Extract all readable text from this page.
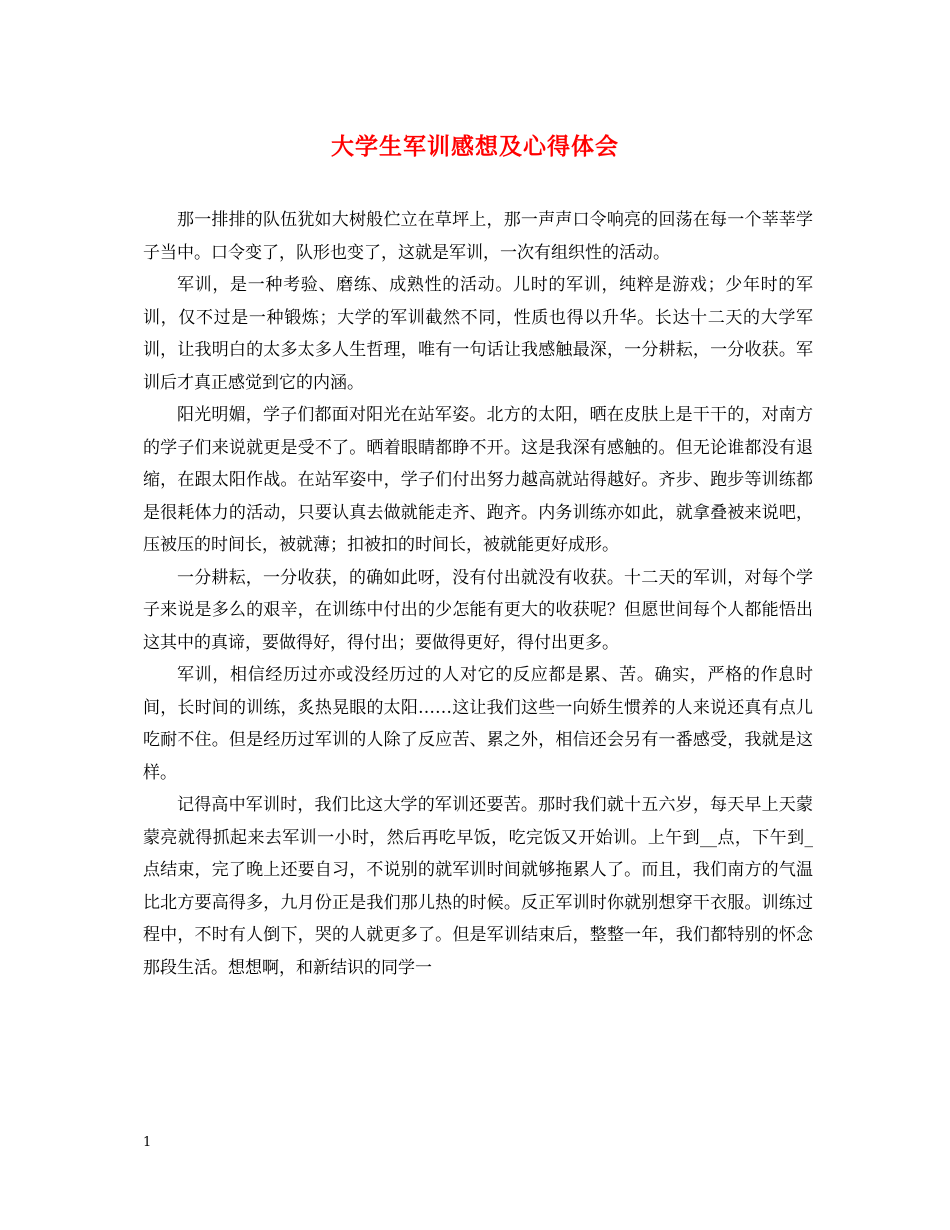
大学生军训感想及心得体会

那一排排的队伍犹如大树般伫立在草坪上，那一声声口令响亮的回荡在每一个莘莘学子当中。口令变了，队形也变了，这就是军训，一次有组织性的活动。

军训，是一种考验、磨练、成熟性的活动。儿时的军训，纯粹是游戏；少年时的军训，仅不过是一种锻炼；大学的军训截然不同，性质也得以升华。长达十二天的大学军训，让我明白的太多太多人生哲理，唯有一句话让我感触最深，一分耕耘，一分收获。军训后才真正感觉到它的内涵。

阳光明媚，学子们都面对阳光在站军姿。北方的太阳，晒在皮肤上是干干的，对南方的学子们来说就更是受不了。晒着眼睛都睁不开。这是我深有感触的。但无论谁都没有退缩，在跟太阳作战。在站军姿中，学子们付出努力越高就站得越好。齐步、跑步等训练都是很耗体力的活动，只要认真去做就能走齐、跑齐。内务训练亦如此，就拿叠被来说吧，压被压的时间长，被就薄；扣被扣的时间长，被就能更好成形。

一分耕耘，一分收获，的确如此呀，没有付出就没有收获。十二天的军训，对每个学子来说是多么的艰辛，在训练中付出的少怎能有更大的收获呢？但愿世间每个人都能悟出这其中的真谛，要做得好，得付出；要做得更好，得付出更多。

军训，相信经历过亦或没经历过的人对它的反应都是累、苦。确实，严格的作息时间，长时间的训练，炙热晃眼的太阳……这让我们这些一向娇生惯养的人来说还真有点儿吃耐不住。但是经历过军训的人除了反应苦、累之外，相信还会另有一番感受，我就是这样。

记得高中军训时，我们比这大学的军训还要苦。那时我们就十五六岁，每天早上天蒙蒙亮就得抓起来去军训一小时，然后再吃早饭，吃完饭又开始训。上午到__点，下午到_点结束，完了晚上还要自习，不说别的就军训时间就够拖累人了。而且，我们南方的气温比北方要高得多，九月份正是我们那儿热的时候。反正军训时你就别想穿干衣服。训练过程中，不时有人倒下，哭的人就更多了。但是军训结束后，整整一年，我们都特别的怀念那段生活。想想啊，和新结识的同学一

1
